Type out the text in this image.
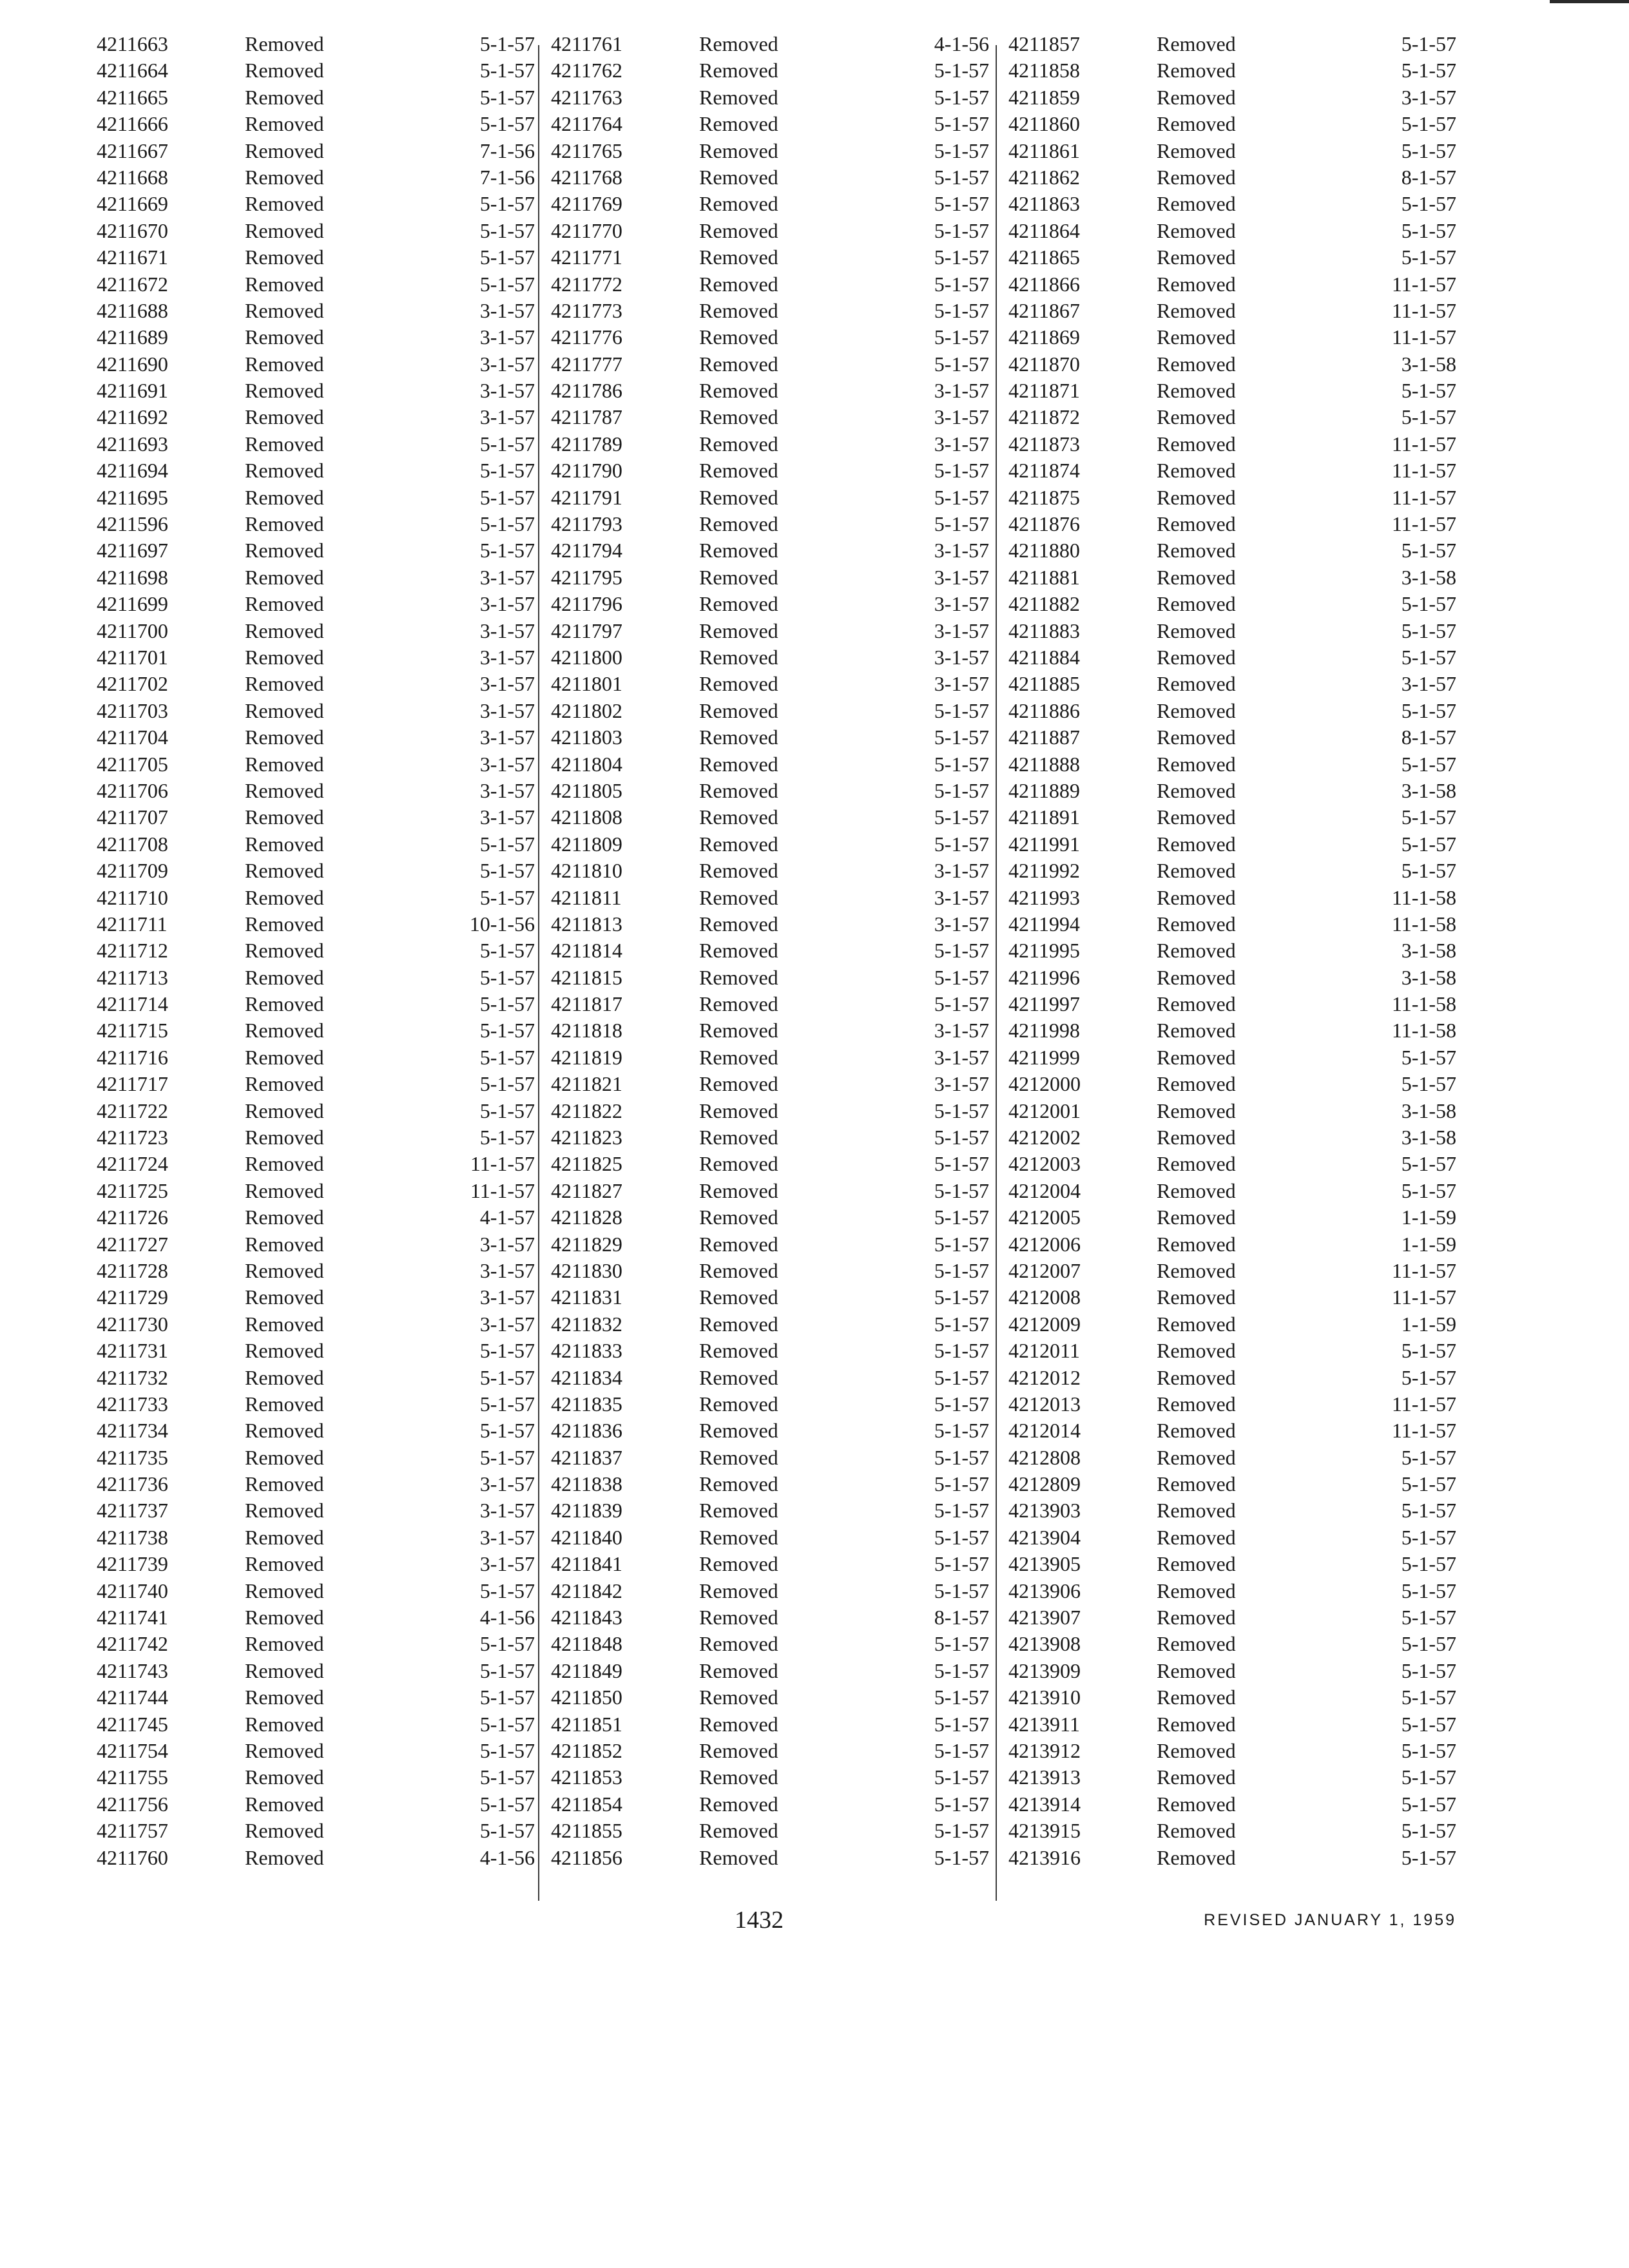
4211663	Removed	5-1-57
4211664	Removed	5-1-57
4211665	Removed	5-1-57
4211666	Removed	5-1-57
4211667	Removed	7-1-56
4211668	Removed	7-1-56
4211669	Removed	5-1-57
4211670	Removed	5-1-57
4211671	Removed	5-1-57
4211672	Removed	5-1-57
4211688	Removed	3-1-57
4211689	Removed	3-1-57
4211690	Removed	3-1-57
4211691	Removed	3-1-57
4211692	Removed	3-1-57
4211693	Removed	5-1-57
4211694	Removed	5-1-57
4211695	Removed	5-1-57
4211596	Removed	5-1-57
4211697	Removed	5-1-57
4211698	Removed	3-1-57
4211699	Removed	3-1-57
4211700	Removed	3-1-57
4211701	Removed	3-1-57
4211702	Removed	3-1-57
4211703	Removed	3-1-57
4211704	Removed	3-1-57
4211705	Removed	3-1-57
4211706	Removed	3-1-57
4211707	Removed	3-1-57
4211708	Removed	5-1-57
4211709	Removed	5-1-57
4211710	Removed	5-1-57
4211711	Removed	10-1-56
4211712	Removed	5-1-57
4211713	Removed	5-1-57
4211714	Removed	5-1-57
4211715	Removed	5-1-57
4211716	Removed	5-1-57
4211717	Removed	5-1-57
4211722	Removed	5-1-57
4211723	Removed	5-1-57
4211724	Removed	11-1-57
4211725	Removed	11-1-57
4211726	Removed	4-1-57
4211727	Removed	3-1-57
4211728	Removed	3-1-57
4211729	Removed	3-1-57
4211730	Removed	3-1-57
4211731	Removed	5-1-57
4211732	Removed	5-1-57
4211733	Removed	5-1-57
4211734	Removed	5-1-57
4211735	Removed	5-1-57
4211736	Removed	3-1-57
4211737	Removed	3-1-57
4211738	Removed	3-1-57
4211739	Removed	3-1-57
4211740	Removed	5-1-57
4211741	Removed	4-1-56
4211742	Removed	5-1-57
4211743	Removed	5-1-57
4211744	Removed	5-1-57
4211745	Removed	5-1-57
4211754	Removed	5-1-57
4211755	Removed	5-1-57
4211756	Removed	5-1-57
4211757	Removed	5-1-57
4211760	Removed	4-1-56
4211761	Removed	4-1-56
4211762	Removed	5-1-57
4211763	Removed	5-1-57
4211764	Removed	5-1-57
4211765	Removed	5-1-57
4211768	Removed	5-1-57
4211769	Removed	5-1-57
4211770	Removed	5-1-57
4211771	Removed	5-1-57
4211772	Removed	5-1-57
4211773	Removed	5-1-57
4211776	Removed	5-1-57
4211777	Removed	5-1-57
4211786	Removed	3-1-57
4211787	Removed	3-1-57
4211789	Removed	3-1-57
4211790	Removed	5-1-57
4211791	Removed	5-1-57
4211793	Removed	5-1-57
4211794	Removed	3-1-57
4211795	Removed	3-1-57
4211796	Removed	3-1-57
4211797	Removed	3-1-57
4211800	Removed	3-1-57
4211801	Removed	3-1-57
4211802	Removed	5-1-57
4211803	Removed	5-1-57
4211804	Removed	5-1-57
4211805	Removed	5-1-57
4211808	Removed	5-1-57
4211809	Removed	5-1-57
4211810	Removed	3-1-57
4211811	Removed	3-1-57
4211813	Removed	3-1-57
4211814	Removed	5-1-57
4211815	Removed	5-1-57
4211817	Removed	5-1-57
4211818	Removed	3-1-57
4211819	Removed	3-1-57
4211821	Removed	3-1-57
4211822	Removed	5-1-57
4211823	Removed	5-1-57
4211825	Removed	5-1-57
4211827	Removed	5-1-57
4211828	Removed	5-1-57
4211829	Removed	5-1-57
4211830	Removed	5-1-57
4211831	Removed	5-1-57
4211832	Removed	5-1-57
4211833	Removed	5-1-57
4211834	Removed	5-1-57
4211835	Removed	5-1-57
4211836	Removed	5-1-57
4211837	Removed	5-1-57
4211838	Removed	5-1-57
4211839	Removed	5-1-57
4211840	Removed	5-1-57
4211841	Removed	5-1-57
4211842	Removed	5-1-57
4211843	Removed	8-1-57
4211848	Removed	5-1-57
4211849	Removed	5-1-57
4211850	Removed	5-1-57
4211851	Removed	5-1-57
4211852	Removed	5-1-57
4211853	Removed	5-1-57
4211854	Removed	5-1-57
4211855	Removed	5-1-57
4211856	Removed	5-1-57
4211857	Removed	5-1-57
4211858	Removed	5-1-57
4211859	Removed	3-1-57
4211860	Removed	5-1-57
4211861	Removed	5-1-57
4211862	Removed	8-1-57
4211863	Removed	5-1-57
4211864	Removed	5-1-57
4211865	Removed	5-1-57
4211866	Removed	11-1-57
4211867	Removed	11-1-57
4211869	Removed	11-1-57
4211870	Removed	3-1-58
4211871	Removed	5-1-57
4211872	Removed	5-1-57
4211873	Removed	11-1-57
4211874	Removed	11-1-57
4211875	Removed	11-1-57
4211876	Removed	11-1-57
4211880	Removed	5-1-57
4211881	Removed	3-1-58
4211882	Removed	5-1-57
4211883	Removed	5-1-57
4211884	Removed	5-1-57
4211885	Removed	3-1-57
4211886	Removed	5-1-57
4211887	Removed	8-1-57
4211888	Removed	5-1-57
4211889	Removed	3-1-58
4211891	Removed	5-1-57
4211991	Removed	5-1-57
4211992	Removed	5-1-57
4211993	Removed	11-1-58
4211994	Removed	11-1-58
4211995	Removed	3-1-58
4211996	Removed	3-1-58
4211997	Removed	11-1-58
4211998	Removed	11-1-58
4211999	Removed	5-1-57
4212000	Removed	5-1-57
4212001	Removed	3-1-58
4212002	Removed	3-1-58
4212003	Removed	5-1-57
4212004	Removed	5-1-57
4212005	Removed	1-1-59
4212006	Removed	1-1-59
4212007	Removed	11-1-57
4212008	Removed	11-1-57
4212009	Removed	1-1-59
4212011	Removed	5-1-57
4212012	Removed	5-1-57
4212013	Removed	11-1-57
4212014	Removed	11-1-57
4212808	Removed	5-1-57
4212809	Removed	5-1-57
4213903	Removed	5-1-57
4213904	Removed	5-1-57
4213905	Removed	5-1-57
4213906	Removed	5-1-57
4213907	Removed	5-1-57
4213908	Removed	5-1-57
4213909	Removed	5-1-57
4213910	Removed	5-1-57
4213911	Removed	5-1-57
4213912	Removed	5-1-57
4213913	Removed	5-1-57
4213914	Removed	5-1-57
4213915	Removed	5-1-57
4213916	Removed	5-1-57
1432	REVISED JANUARY 1, 1959
